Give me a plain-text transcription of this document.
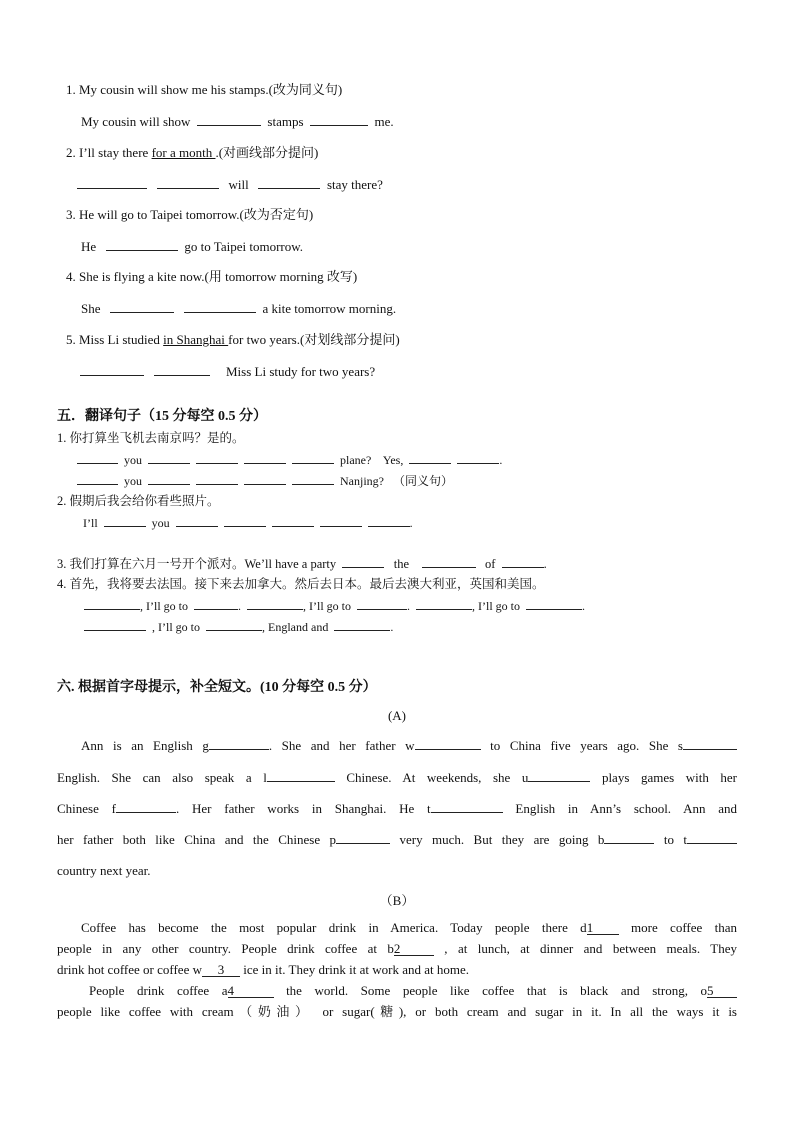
1. My cousin will show me his stamps.(改为同义句)
My cousin will show	stamps	me.
2. I’ll stay there for a month .(对画线部分提问)
will	stay there?
3. He will go to Taipei tomorrow.(改为否定句)
He	go to Taipei tomorrow.
4. She is flying a kite now.(用 tomorrow morning 改写)
She	a kite tomorrow morning.
5. Miss Li studied in Shanghai for two years.(对划线部分提问)
Miss Li study for two years?
五．翻译句子（15 分每空 0.5 分）
1. 你打算坐飞机去南京吗？是的。
you	plane? Yes,	.
you	Nanjing? （同义句）
2. 假期后我会给你看些照片。
I’ll	you	.
3. 我们打算在六月一号开个派对。We’ll have a party	the	of	.
4. 首先，我将要去法国。接下来去加拿大。然后去日本。最后去澳大利亚，英国和美国。
, I’ll go to	.	, I’ll go to	.	, I’ll go to	.
, I’ll go to	, England and	.
六. 根据首字母提示，补全短文。(10 分每空 0.5 分）
(A)
Ann is an English g	. She and her father w	to China five years ago. She s
English. She can also speak a l	Chinese. At weekends, she u	plays games with her
Chinese f	. Her father works in Shanghai. He t	English in Ann’s school. Ann and
her father both like China and the Chinese p	very much. But they are going b	to t
country next year.
（B）
Coffee has become the most popular drink in America. Today people there d1 more coffee than
people in any other country. People drink coffee at b2	, at lunch, at dinner and between meals. They
drink hot coffee or coffee w 3 ice in it. They drink it at work and at home.
People drink coffee a4	the world. Some people like coffee that is black and strong, o5
people like coffee with cream（奶油） or sugar(糖), or both cream and sugar in it. In all the ways it is
